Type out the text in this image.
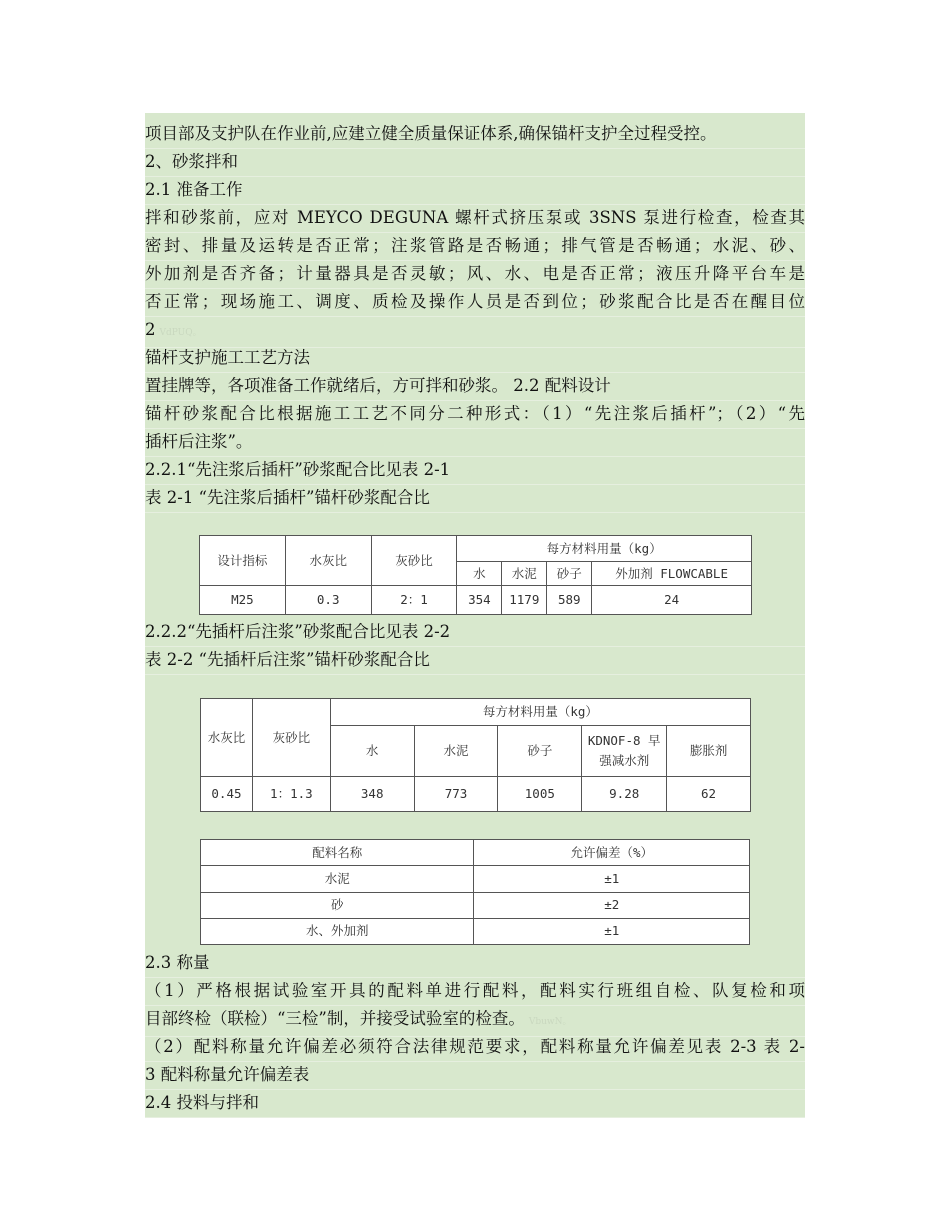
项目部及支护队在作业前,应建立健全质量保证体系,确保锚杆支护全过程受控。
2、砂浆拌和
2.1 准备工作
拌和砂浆前，应对 MEYCO DEGUNA 螺杆式挤压泵或 3SNS 泵进行检查，检查其
密封、排量及运转是否正常；注浆管路是否畅通；排气管是否畅通；水泥、砂、
外加剂是否齐备；计量器具是否灵敏；风、水、电是否正常；液压升降平台车是
否正常；现场施工、调度、质检及操作人员是否到位；砂浆配合比是否在醒目位
2 VdPUQ。
锚杆支护施工工艺方法
置挂牌等，各项准备工作就绪后，方可拌和砂浆。 2.2 配料设计
锚杆砂浆配合比根据施工工艺不同分二种形式：（1）“先注浆后插杆”；（2）“先
插杆后注浆”。
2.2.1“先注浆后插杆”砂浆配合比见表 2-1
表 2-1 “先注浆后插杆”锚杆砂浆配合比
设计指标	水灰比	灰砂比	每方材料用量（kg）			
			水	水泥	砂子	外加剂 FLOWCABLE
M25	0.3	2：1	354	1179	589	24
2.2.2“先插杆后注浆”砂浆配合比见表 2-2
表 2-2 “先插杆后注浆”锚杆砂浆配合比
水灰比	灰砂比	每方材料用量（kg）				
		水	水泥	砂子	KDNOF-8 早强减水剂	膨胀剂
0.45	1：1.3	348	773	1005	9.28	62
配料名称	允许偏差（%）
水泥	±1
砂	±2
水、外加剂	±1
2.3 称量
（1）严格根据试验室开具的配料单进行配料，配料实行班组自检、队复检和项
目部终检（联检）“三检”制，并接受试验室的检查。 VbuwN。
（2）配料称量允许偏差必须符合法律规范要求，配料称量允许偏差见表 2-3 表 2-
3 配料称量允许偏差表
2.4 投料与拌和
